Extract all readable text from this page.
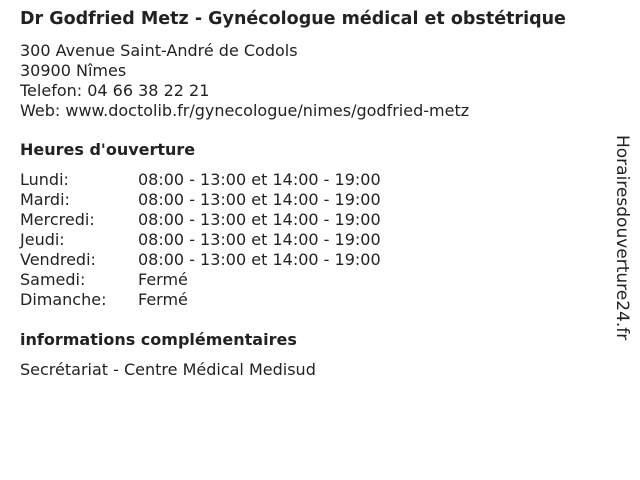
Dr Godfried Metz - Gynécologue médical et obstétrique
300 Avenue Saint-André de Codols
30900 Nîmes
Telefon: 04 66 38 22 21
Web: www.doctolib.fr/gynecologue/nimes/godfried-metz
Heures d'ouverture
Lundi:	08:00 - 13:00 et 14:00 - 19:00
Mardi:	08:00 - 13:00 et 14:00 - 19:00
Mercredi:	08:00 - 13:00 et 14:00 - 19:00
Jeudi:	08:00 - 13:00 et 14:00 - 19:00
Vendredi:	08:00 - 13:00 et 14:00 - 19:00
Samedi:	Fermé
Dimanche:	Fermé
informations complémentaires
Secrétariat - Centre Médical Medisud
Horairesdouverture24.fr
